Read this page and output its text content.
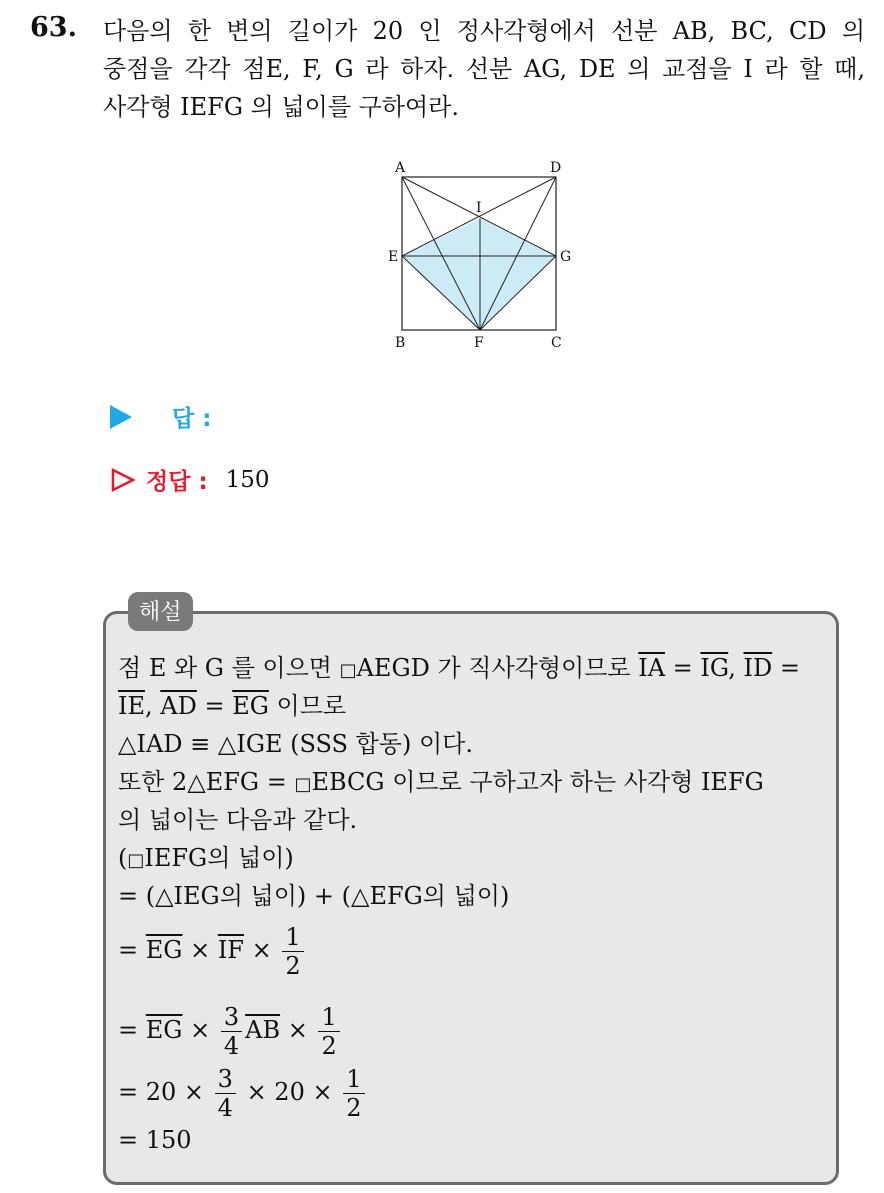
63. 다음의 한 변의 길이가 20 인 정사각형에서 선분 AB, BC, CD 의
중점을 각각 점E, F, G 라 하자. 선분 AG, DE 의 교점을 I 라 할 때,
사각형 IEFG 의 넓이를 구하여라.
A	D
I
E	G
B	F	C
답 :
정답 : 150
해설
점 E 와 G 를 이으면 □AEGD 가 직사각형이므로 $\overline{IA} = \overline{IG}$, $\overline{ID}$ =
$\overline{IE}$, $\overline{AD} = \overline{EG}$ 이므로
△IAD ≡ △IGE (SSS 합동) 이다.
또한 2△EFG = □EBCG 이므로 구하고자 하는 사각형 IEFG
의 넓이는 다음과 같다.
(□IEFG의 넓이)
= (△IEG의 넓이) + (△EFG의 넓이)
= $\overline{EG} \times \overline{IF} \times \frac{1}{2}$
= $\overline{EG} \times \frac{3}{4} \overline{AB} \times \frac{1}{2}$
= $20 \times \frac{3}{4} \times 20 \times \frac{1}{2}$
= 150
